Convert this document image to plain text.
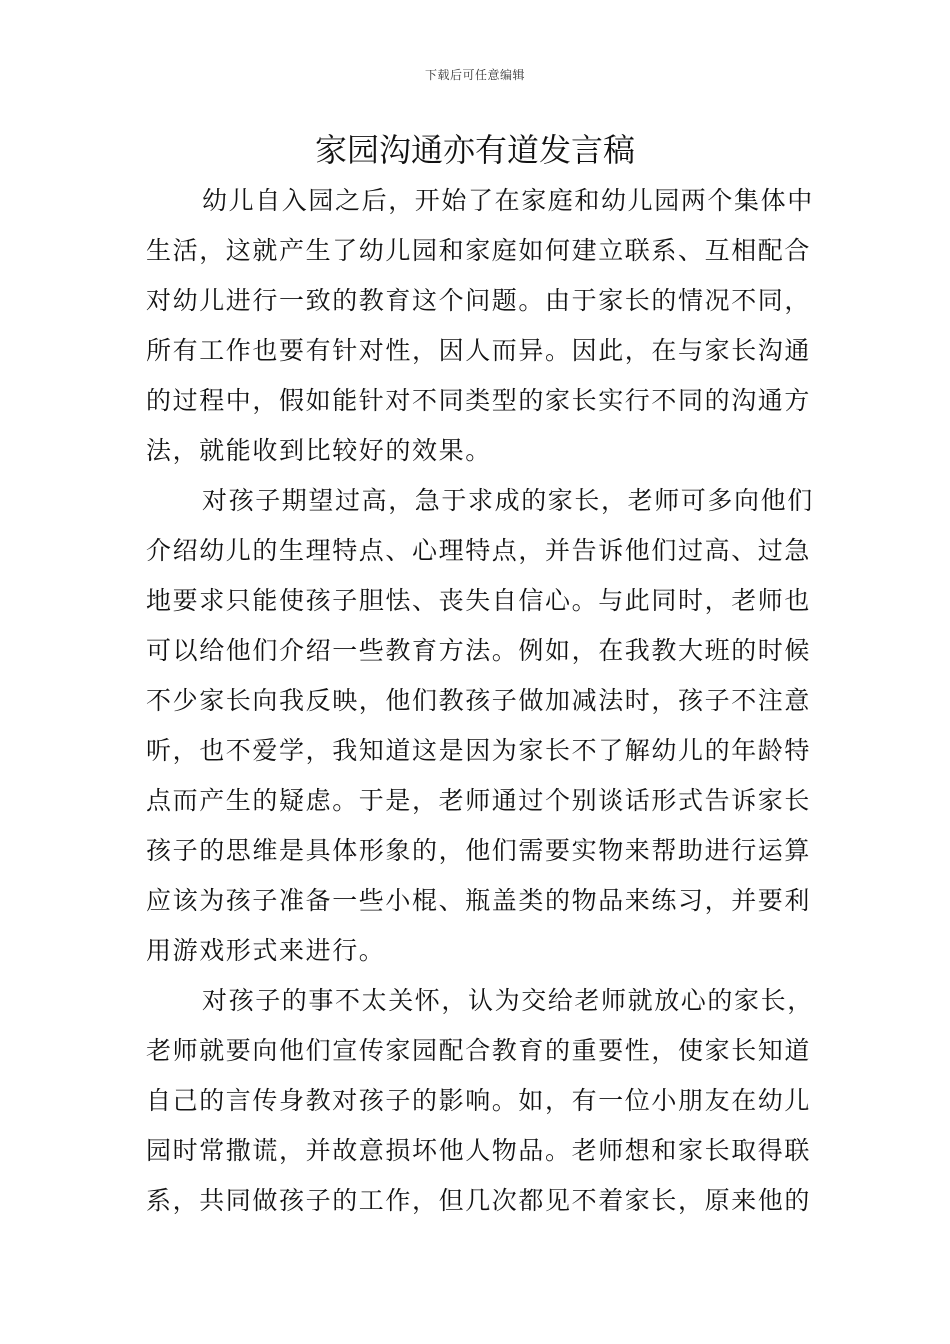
下载后可任意编辑
家园沟通亦有道发言稿
幼儿自入园之后，开始了在家庭和幼儿园两个集体中
生活，这就产生了幼儿园和家庭如何建立联系、互相配合
对幼儿进行一致的教育这个问题。由于家长的情况不同，
所有工作也要有针对性，因人而异。因此，在与家长沟通
的过程中，假如能针对不同类型的家长实行不同的沟通方
法，就能收到比较好的效果。
对孩子期望过高，急于求成的家长，老师可多向他们
介绍幼儿的生理特点、心理特点，并告诉他们过高、过急
地要求只能使孩子胆怯、丧失自信心。与此同时，老师也
可以给他们介绍一些教育方法。例如，在我教大班的时候
不少家长向我反映，他们教孩子做加减法时，孩子不注意
听，也不爱学，我知道这是因为家长不了解幼儿的年龄特
点而产生的疑虑。于是，老师通过个别谈话形式告诉家长
孩子的思维是具体形象的，他们需要实物来帮助进行运算
应该为孩子准备一些小棍、瓶盖类的物品来练习，并要利
用游戏形式来进行。
对孩子的事不太关怀，认为交给老师就放心的家长，
老师就要向他们宣传家园配合教育的重要性，使家长知道
自己的言传身教对孩子的影响。如，有一位小朋友在幼儿
园时常撒谎，并故意损坏他人物品。老师想和家长取得联
系，共同做孩子的工作，但几次都见不着家长，原来他的
